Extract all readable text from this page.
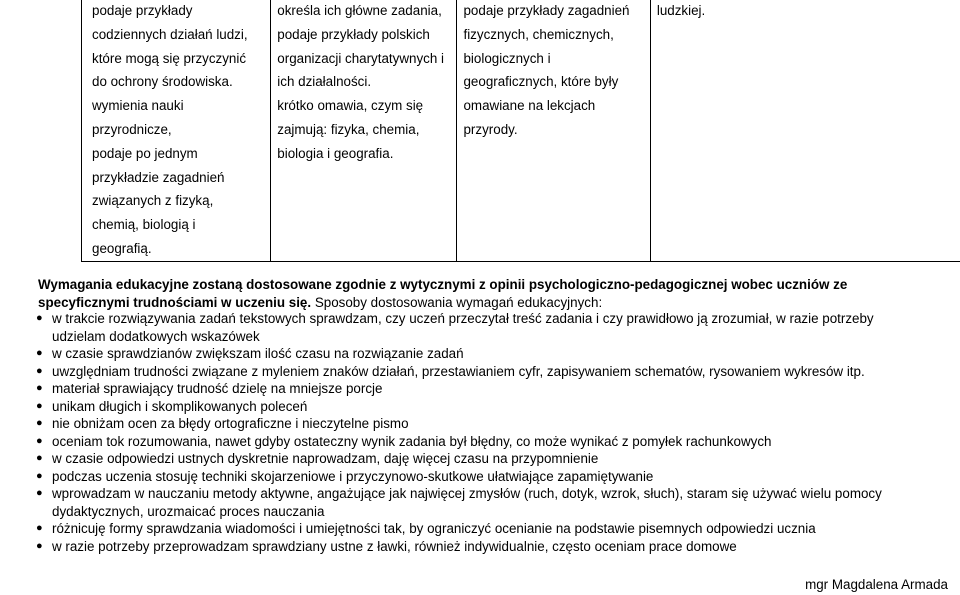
podaje przykłady
codziennych działań ludzi,
które mogą się przyczynić
do ochrony środowiska.
wymienia nauki
przyrodnicze,
podaje po jednym
przykładzie zagadnień
związanych z fizyką,
chemią, biologią i
geografią.

określa ich główne zadania,
podaje przykłady polskich
organizacji charytatywnych i
ich działalności.
krótko omawia, czym się
zajmują: fizyka, chemia,
biologia i geografia.

podaje przykłady zagadnień
fizycznych, chemicznych,
biologicznych i
geograficznych, które były
omawiane na lekcjach
przyrody.

ludzkiej.
Wymagania edukacyjne zostaną dostosowane zgodnie z wytycznymi z opinii psychologiczno-pedagogicznej wobec uczniów ze specyficznymi trudnościami w uczeniu się. Sposoby dostosowania wymagań edukacyjnych:
● w trakcie rozwiązywania zadań tekstowych sprawdzam, czy uczeń przeczytał treść zadania i czy prawidłowo ją zrozumiał, w razie potrzeby udzielam dodatkowych wskazówek
● w czasie sprawdzianów zwiększam ilość czasu na rozwiązanie zadań
● uwzględniam trudności związane z myleniem znaków działań, przestawianiem cyfr, zapisywaniem schematów, rysowaniem wykresów itp.
● materiał sprawiający trudność dzielę na mniejsze porcje
● unikam długich i skomplikowanych poleceń
● nie obniżam ocen za błędy ortograficzne i nieczytelne pismo
● oceniam tok rozumowania, nawet gdyby ostateczny wynik zadania był błędny, co może wynikać z pomyłek rachunkowych
● w czasie odpowiedzi ustnych dyskretnie naprowadzam, daję więcej czasu na przypomnienie
● podczas uczenia stosuję techniki skojarzeniowe i przyczynowo-skutkowe ułatwiające zapamiętywanie
● wprowadzam w nauczaniu metody aktywne, angażujące jak najwięcej zmysłów (ruch, dotyk, wzrok, słuch), staram się używać wielu pomocy dydaktycznych, urozmaicać proces nauczania
● różnicuję formy sprawdzania wiadomości i umiejętności tak, by ograniczyć ocenianie na podstawie pisemnych odpowiedzi ucznia
● w razie potrzeby przeprowadzam sprawdziany ustne z ławki, również indywidualnie, często oceniam prace domowe
mgr Magdalena Armada
